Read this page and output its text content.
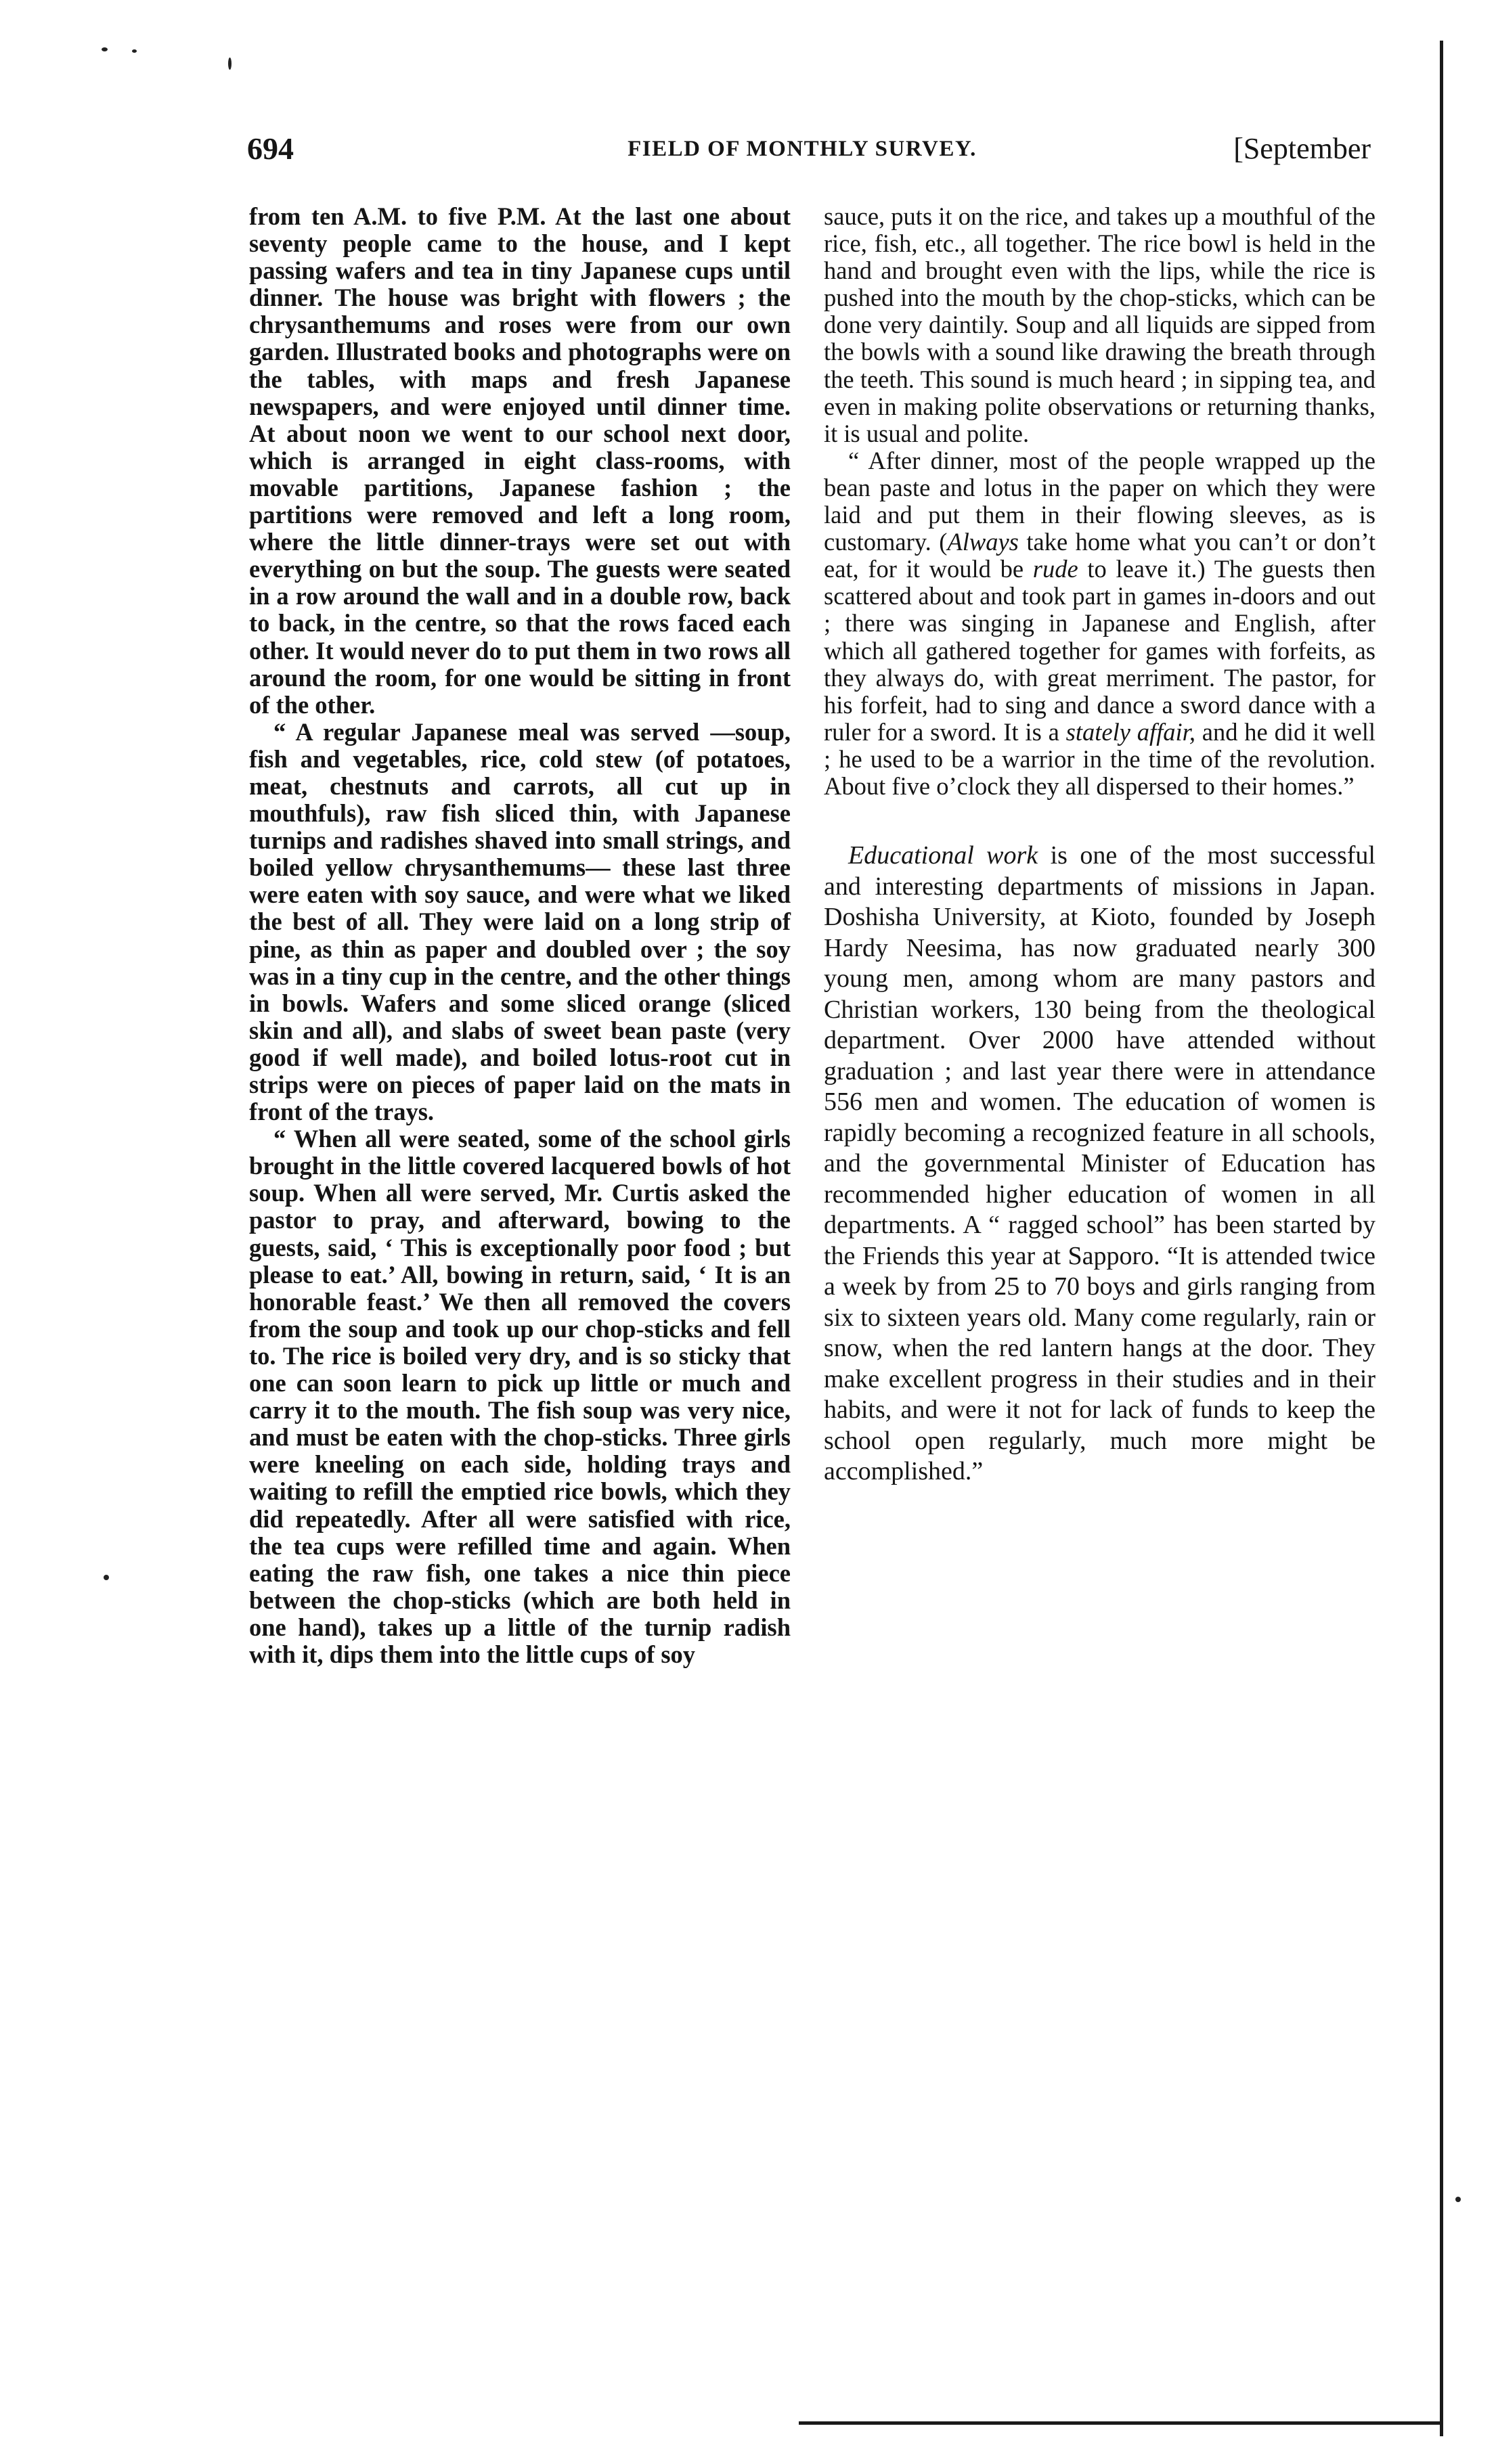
694	FIELD OF MONTHLY SURVEY.	[September

from ten A.M. to five P.M. At the last one about seventy people came to the house, and I kept passing wafers and tea in tiny Japanese cups until dinner. The house was bright with flowers ; the chrysanthemums and roses were from our own garden. Illustrated books and photographs were on the tables, with maps and fresh Japanese newspapers, and were enjoyed until dinner time. At about noon we went to our school next door, which is arranged in eight class-rooms, with movable partitions, Japanese fashion ; the partitions were removed and left a long room, where the little dinner-trays were set out with everything on but the soup. The guests were seated in a row around the wall and in a double row, back to back, in the centre, so that the rows faced each other. It would never do to put them in two rows all around the room, for one would be sitting in front of the other.

“ A regular Japanese meal was served —soup, fish and vegetables, rice, cold stew (of potatoes, meat, chestnuts and carrots, all cut up in mouthfuls), raw fish sliced thin, with Japanese turnips and radishes shaved into small strings, and boiled yellow chrysanthemums— these last three were eaten with soy sauce, and were what we liked the best of all. They were laid on a long strip of pine, as thin as paper and doubled over ; the soy was in a tiny cup in the centre, and the other things in bowls. Wafers and some sliced orange (sliced skin and all), and slabs of sweet bean paste (very good if well made), and boiled lotus-root cut in strips were on pieces of paper laid on the mats in front of the trays.

“ When all were seated, some of the school girls brought in the little covered lacquered bowls of hot soup. When all were served, Mr. Curtis asked the pastor to pray, and afterward, bowing to the guests, said, ‘ This is exceptionally poor food ; but please to eat.’ All, bowing in return, said, ‘ It is an honorable feast.’ We then all removed the covers from the soup and took up our chop-sticks and fell to. The rice is boiled very dry, and is so sticky that one can soon learn to pick up little or much and carry it to the mouth. The fish soup was very nice, and must be eaten with the chop-sticks. Three girls were kneeling on each side, holding trays and waiting to refill the emptied rice bowls, which they did repeatedly. After all were satisfied with rice, the tea cups were refilled time and again. When eating the raw fish, one takes a nice thin piece between the chop-sticks (which are both held in one hand), takes up a little of the turnip radish with it, dips them into the little cups of soy

sauce, puts it on the rice, and takes up a mouthful of the rice, fish, etc., all together. The rice bowl is held in the hand and brought even with the lips, while the rice is pushed into the mouth by the chop-sticks, which can be done very daintily. Soup and all liquids are sipped from the bowls with a sound like drawing the breath through the teeth. This sound is much heard ; in sipping tea, and even in making polite observations or returning thanks, it is usual and polite.

“ After dinner, most of the people wrapped up the bean paste and lotus in the paper on which they were laid and put them in their flowing sleeves, as is customary. (Always take home what you can’t or don’t eat, for it would be rude to leave it.) The guests then scattered about and took part in games in-doors and out ; there was singing in Japanese and English, after which all gathered together for games with forfeits, as they always do, with great merriment. The pastor, for his forfeit, had to sing and dance a sword dance with a ruler for a sword. It is a stately affair, and he did it well ; he used to be a warrior in the time of the revolution. About five o’clock they all dispersed to their homes.”

Educational work is one of the most successful and interesting departments of missions in Japan. Doshisha University, at Kioto, founded by Joseph Hardy Neesima, has now graduated nearly 300 young men, among whom are many pastors and Christian workers, 130 being from the theological department. Over 2000 have attended without graduation ; and last year there were in attendance 556 men and women. The education of women is rapidly becoming a recognized feature in all schools, and the governmental Minister of Education has recommended higher education of women in all departments. A “ ragged school” has been started by the Friends this year at Sapporo. “It is attended twice a week by from 25 to 70 boys and girls ranging from six to sixteen years old. Many come regularly, rain or snow, when the red lantern hangs at the door. They make excellent progress in their studies and in their habits, and were it not for lack of funds to keep the school open regularly, much more might be accomplished.”
